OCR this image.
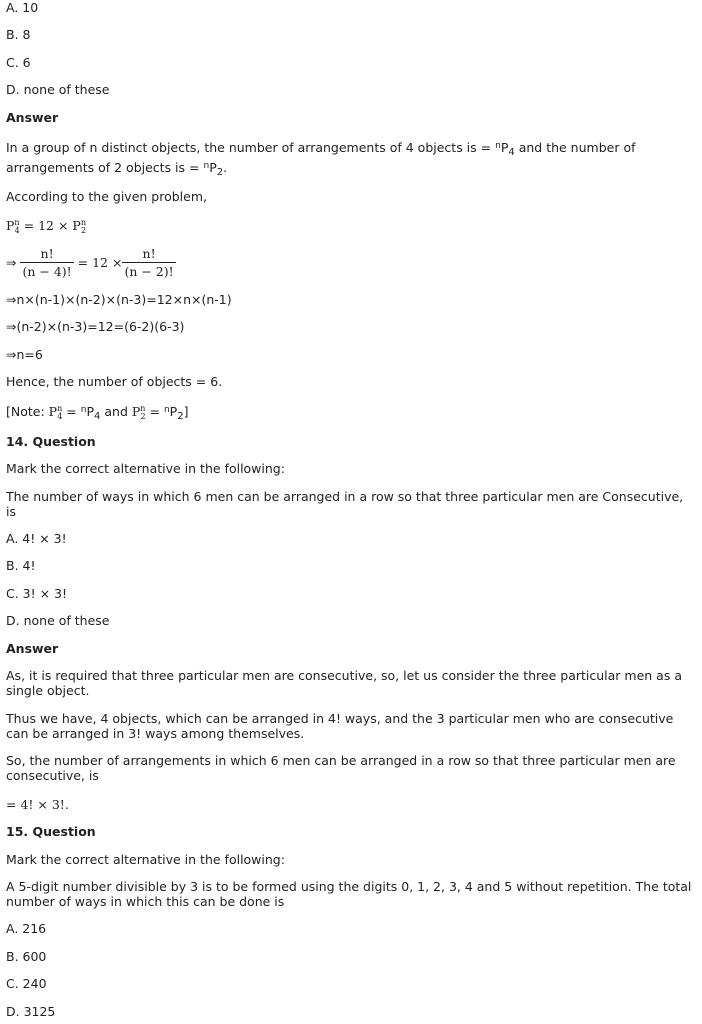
A. 10
B. 8
C. 6
D. none of these
Answer
In a group of n distinct objects, the number of arrangements of 4 objects is = $^nP_4$ and the number of
arrangements of 2 objects is = $^nP_2$.
According to the given problem,
$P^n_4 = 12 \times P^n_2$
⇒ $\frac{n!}{(n - 4)!} = 12 \times \frac{n!}{(n - 2)!}$
⇒n×(n-1)×(n-2)×(n-3)=12×n×(n-1)
⇒(n-2)×(n-3)=12=(6-2)(6-3)
⇒n=6
Hence, the number of objects = 6.
[Note: $P^n_4 = ^nP_4$ and $P^n_2 = ^nP_2$]
14. Question
Mark the correct alternative in the following:
The number of ways in which 6 men can be arranged in a row so that three particular men are Consecutive, is
A. 4! × 3!
B. 4!
C. 3! × 3!
D. none of these
Answer
As, it is required that three particular men are consecutive, so, let us consider the three particular men as a single object.
Thus we have, 4 objects, which can be arranged in 4! ways, and the 3 particular men who are consecutive can be arranged in 3! ways among themselves.
So, the number of arrangements in which 6 men can be arranged in a row so that three particular men are consecutive, is
= 4! × 3!.
15. Question
Mark the correct alternative in the following:
A 5-digit number divisible by 3 is to be formed using the digits 0, 1, 2, 3, 4 and 5 without repetition. The total number of ways in which this can be done is
A. 216
B. 600
C. 240
D. 3125
